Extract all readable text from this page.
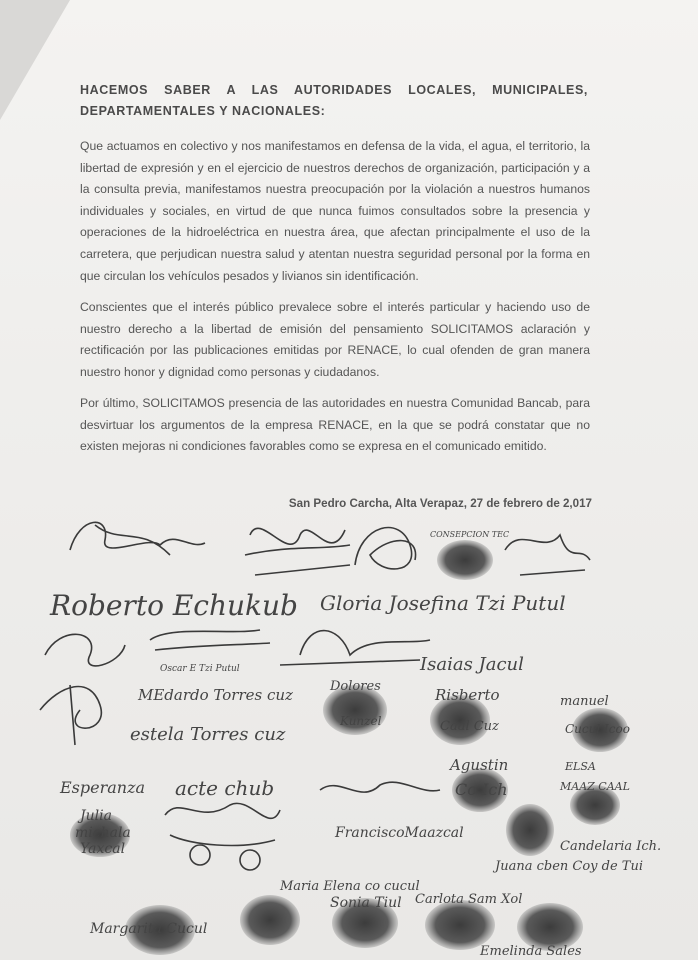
HACEMOS SABER A LAS AUTORIDADES LOCALES, MUNICIPALES, DEPARTAMENTALES Y NACIONALES:
Que actuamos en colectivo y nos manifestamos en defensa de la vida, el agua, el territorio, la libertad de expresión y en el ejercicio de nuestros derechos de organización, participación y a la consulta previa, manifestamos nuestra preocupación por la violación a nuestros humanos individuales y sociales, en virtud de que nunca fuimos consultados sobre la presencia y operaciones de la hidroeléctrica en nuestra área, que afectan principalmente el uso de la carretera, que perjudican nuestra salud y atentan nuestra seguridad personal por la forma en que circulan los vehículos pesados y livianos sin identificación.
Conscientes que el interés público prevalece sobre el interés particular y haciendo uso de nuestro derecho a la libertad de emisión del pensamiento SOLICITAMOS aclaración y rectificación por las publicaciones emitidas por RENACE, lo cual ofenden de gran manera nuestro honor y dignidad como personas y ciudadanos.
Por último, SOLICITAMOS presencia de las autoridades en nuestra Comunidad Bancab, para desvirtuar los argumentos de la empresa RENACE, en la que se podrá constatar que no existen mejoras ni condiciones favorables como se expresa en el comunicado emitido.
San Pedro Carcha, Alta Verapaz, 27 de febrero de 2,017
CONSEPCION TEC
Roberto Echukub Gloria Josefina Tzi Putul
Oscar E Tzi Putul	Isaias Jacul
MEdardo Torres cuz
estela Torres cuz
Dolores
Kunzel
Risberto
Caal Cuz
manuel
Cucul Icoo
Esperanza acte chub
Agustin
Co Ich
ELSA
MAAZ CAAL
Julia
michala
Yaxcal
FranciscoMaazcal
Candelaria Ich.
Juana cben Coy de Tui
Maria Elena co cucul
Sonia Tiul Carlota Sam Xol
Margarita Cucul
Emelinda Sales
